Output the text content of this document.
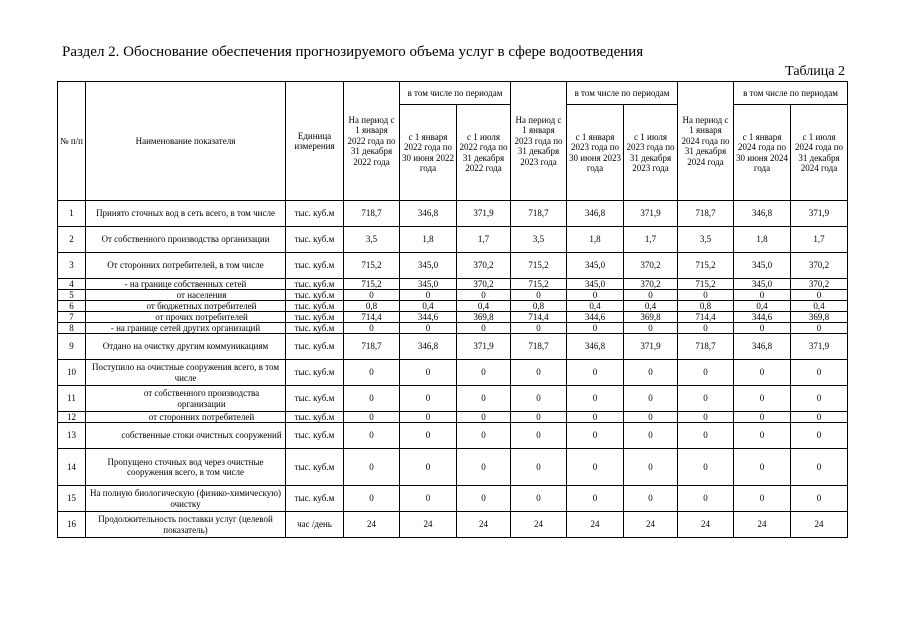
Раздел 2. Обоснование обеспечения прогнозируемого объема услуг в сфере водоотведения
Таблица 2
№ п/п	Наименование показателя	Единица измерения	На период с 1 января 2022 года по 31 декабря 2022 года	в том числе по периодам		На период с 1 января 2023 года по 31 декабря 2023 года	в том числе по периодам		На период с 1 января 2024 года по 31 декабря 2024 года	в том числе по периодам	
				с 1 января 2022 года по 30 июня 2022 года	с 1 июля 2022 года по 31 декабря 2022 года		с 1 января 2023 года по 30 июня 2023 года	с 1 июля 2023 года по 31 декабря 2023 года		с 1 января 2024 года по 30 июня 2024 года	с 1 июля 2024 года по 31 декабря 2024 года
1	Принято сточных вод в сеть всего, в том числе	тыс. куб.м	718,7	346,8	371,9	718,7	346,8	371,9	718,7	346,8	371,9
2	От собственного производства организации	тыс. куб.м	3,5	1,8	1,7	3,5	1,8	1,7	3,5	1,8	1,7
3	От сторонних потребителей, в том числе	тыс. куб.м	715,2	345,0	370,2	715,2	345,0	370,2	715,2	345,0	370,2
4	- на границе собственных сетей	тыс. куб.м	715,2	345,0	370,2	715,2	345,0	370,2	715,2	345,0	370,2
5	от населения	тыс. куб.м	0	0	0	0	0	0	0	0	0
6	от бюджетных потребителей	тыс. куб.м	0,8	0,4	0,4	0,8	0,4	0,4	0,8	0,4	0,4
7	от прочих потребителей	тыс. куб.м	714,4	344,6	369,8	714,4	344,6	369,8	714,4	344,6	369,8
8	- на границе сетей других организаций	тыс. куб.м	0	0	0	0	0	0	0	0	0
9	Отдано на очистку другим коммуникациям	тыс. куб.м	718,7	346,8	371,9	718,7	346,8	371,9	718,7	346,8	371,9
10	Поступило на очистные сооружения всего, в том числе	тыс. куб.м	0	0	0	0	0	0	0	0	0
11	от собственного производства организации	тыс. куб.м	0	0	0	0	0	0	0	0	0
12	от сторонних потребителей	тыс. куб.м	0	0	0	0	0	0	0	0	0
13	собственные стоки очистных сооружений	тыс. куб.м	0	0	0	0	0	0	0	0	0
14	Пропущено сточных вод через очистные сооружения всего, в том числе	тыс. куб.м	0	0	0	0	0	0	0	0	0
15	На полную биологическую (физико-химическую) очистку	тыс. куб.м	0	0	0	0	0	0	0	0	0
16	Продолжительность поставки услуг (целевой показатель)	час /день	24	24	24	24	24	24	24	24	24
